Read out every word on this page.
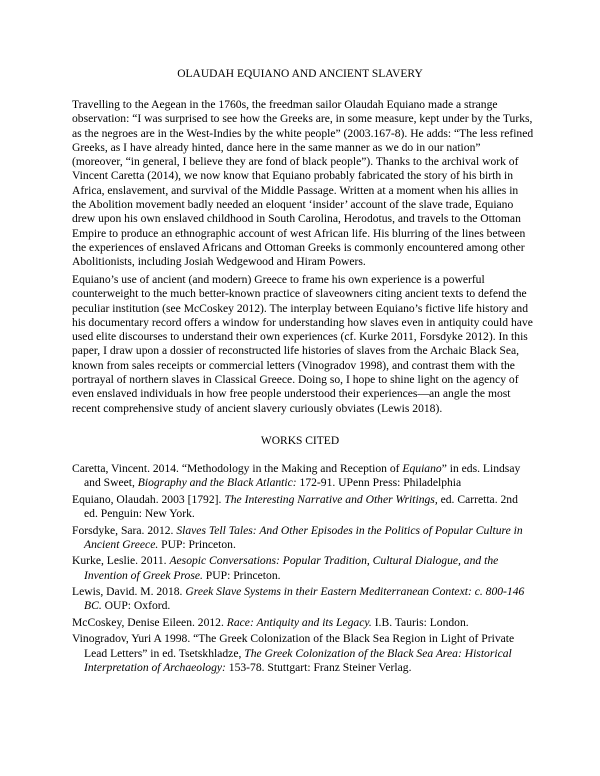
OLAUDAH EQUIANO AND ANCIENT SLAVERY

Travelling to the Aegean in the 1760s, the freedman sailor Olaudah Equiano made a strange observation: “I was surprised to see how the Greeks are, in some measure, kept under by the Turks, as the negroes are in the West-Indies by the white people” (2003.167-8). He adds: “The less refined Greeks, as I have already hinted, dance here in the same manner as we do in our nation” (moreover, “in general, I believe they are fond of black people”). Thanks to the archival work of Vincent Caretta (2014), we now know that Equiano probably fabricated the story of his birth in Africa, enslavement, and survival of the Middle Passage. Written at a moment when his allies in the Abolition movement badly needed an eloquent ‘insider’ account of the slave trade, Equiano drew upon his own enslaved childhood in South Carolina, Herodotus, and travels to the Ottoman Empire to produce an ethnographic account of west African life. His blurring of the lines between the experiences of enslaved Africans and Ottoman Greeks is commonly encountered among other Abolitionists, including Josiah Wedgewood and Hiram Powers.

Equiano’s use of ancient (and modern) Greece to frame his own experience is a powerful counterweight to the much better-known practice of slaveowners citing ancient texts to defend the peculiar institution (see McCoskey 2012). The interplay between Equiano’s fictive life history and his documentary record offers a window for understanding how slaves even in antiquity could have used elite discourses to understand their own experiences (cf. Kurke 2011, Forsdyke 2012). In this paper, I draw upon a dossier of reconstructed life histories of slaves from the Archaic Black Sea, known from sales receipts or commercial letters (Vinogradov 1998), and contrast them with the portrayal of northern slaves in Classical Greece. Doing so, I hope to shine light on the agency of even enslaved individuals in how free people understood their experiences—an angle the most recent comprehensive study of ancient slavery curiously obviates (Lewis 2018).

WORKS CITED
Caretta, Vincent. 2014. “Methodology in the Making and Reception of Equiano” in eds. Lindsay and Sweet, Biography and the Black Atlantic: 172-91. UPenn Press: Philadelphia
Equiano, Olaudah. 2003 [1792]. The Interesting Narrative and Other Writings, ed. Carretta. 2nd ed. Penguin: New York.
Forsdyke, Sara. 2012. Slaves Tell Tales: And Other Episodes in the Politics of Popular Culture in Ancient Greece. PUP: Princeton.
Kurke, Leslie. 2011. Aesopic Conversations: Popular Tradition, Cultural Dialogue, and the Invention of Greek Prose. PUP: Princeton.
Lewis, David. M. 2018. Greek Slave Systems in their Eastern Mediterranean Context: c. 800-146 BC. OUP: Oxford.
McCoskey, Denise Eileen. 2012. Race: Antiquity and its Legacy. I.B. Tauris: London.
Vinogradov, Yuri A 1998. “The Greek Colonization of the Black Sea Region in Light of Private Lead Letters” in ed. Tsetskhladze, The Greek Colonization of the Black Sea Area: Historical Interpretation of Archaeology: 153-78. Stuttgart: Franz Steiner Verlag.
